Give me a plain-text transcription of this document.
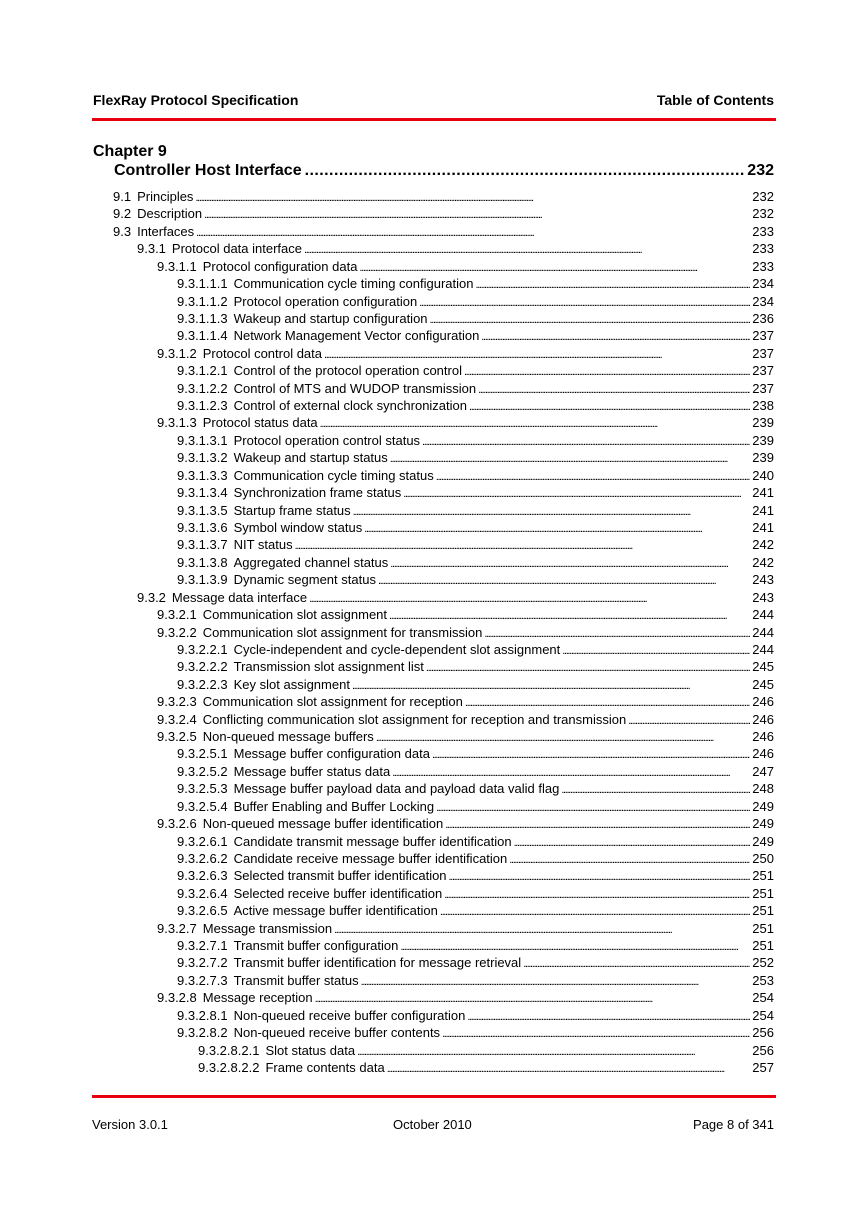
FlexRay Protocol Specification	Table of Contents
Chapter 9
Controller Host Interface . . .	232
9.1 Principles . . .	232
9.2 Description . . .	232
9.3 Interfaces . . .	233
9.3.1 Protocol data interface . . .	233
9.3.1.1 Protocol configuration data . . .	233
9.3.1.1.1 Communication cycle timing configuration . . .	234
9.3.1.1.2 Protocol operation configuration . . .	234
9.3.1.1.3 Wakeup and startup configuration . . .	236
9.3.1.1.4 Network Management Vector configuration . . .	237
9.3.1.2 Protocol control data . . .	237
9.3.1.2.1 Control of the protocol operation control . . .	237
9.3.1.2.2 Control of MTS and WUDOP transmission . . .	237
9.3.1.2.3 Control of external clock synchronization . . .	238
9.3.1.3 Protocol status data . . .	239
9.3.1.3.1 Protocol operation control status . . .	239
9.3.1.3.2 Wakeup and startup status . . .	239
9.3.1.3.3 Communication cycle timing status . . .	240
9.3.1.3.4 Synchronization frame status . . .	241
9.3.1.3.5 Startup frame status . . .	241
9.3.1.3.6 Symbol window status . . .	241
9.3.1.3.7 NIT status . . .	242
9.3.1.3.8 Aggregated channel status . . .	242
9.3.1.3.9 Dynamic segment status . . .	243
9.3.2 Message data interface . . .	243
9.3.2.1 Communication slot assignment . . .	244
9.3.2.2 Communication slot assignment for transmission . . .	244
9.3.2.2.1 Cycle-independent and cycle-dependent slot assignment . . .	244
9.3.2.2.2 Transmission slot assignment list . . .	245
9.3.2.2.3 Key slot assignment . . .	245
9.3.2.3 Communication slot assignment for reception . . .	246
9.3.2.4 Conflicting communication slot assignment for reception and transmission . . .	246
9.3.2.5 Non-queued message buffers . . .	246
9.3.2.5.1 Message buffer configuration data . . .	246
9.3.2.5.2 Message buffer status data . . .	247
9.3.2.5.3 Message buffer payload data and payload data valid flag . . .	248
9.3.2.5.4 Buffer Enabling and Buffer Locking . . .	249
9.3.2.6 Non-queued message buffer identification . . .	249
9.3.2.6.1 Candidate transmit message buffer identification . . .	249
9.3.2.6.2 Candidate receive message buffer identification . . .	250
9.3.2.6.3 Selected transmit buffer identification . . .	251
9.3.2.6.4 Selected receive buffer identification . . .	251
9.3.2.6.5 Active message buffer identification . . .	251
9.3.2.7 Message transmission . . .	251
9.3.2.7.1 Transmit buffer configuration . . .	251
9.3.2.7.2 Transmit buffer identification for message retrieval . . .	252
9.3.2.7.3 Transmit buffer status . . .	253
9.3.2.8 Message reception . . .	254
9.3.2.8.1 Non-queued receive buffer configuration . . .	254
9.3.2.8.2 Non-queued receive buffer contents . . .	256
9.3.2.8.2.1 Slot status data . . .	256
9.3.2.8.2.2 Frame contents data . . .	257
Version 3.0.1	October 2010	Page 8 of 341
